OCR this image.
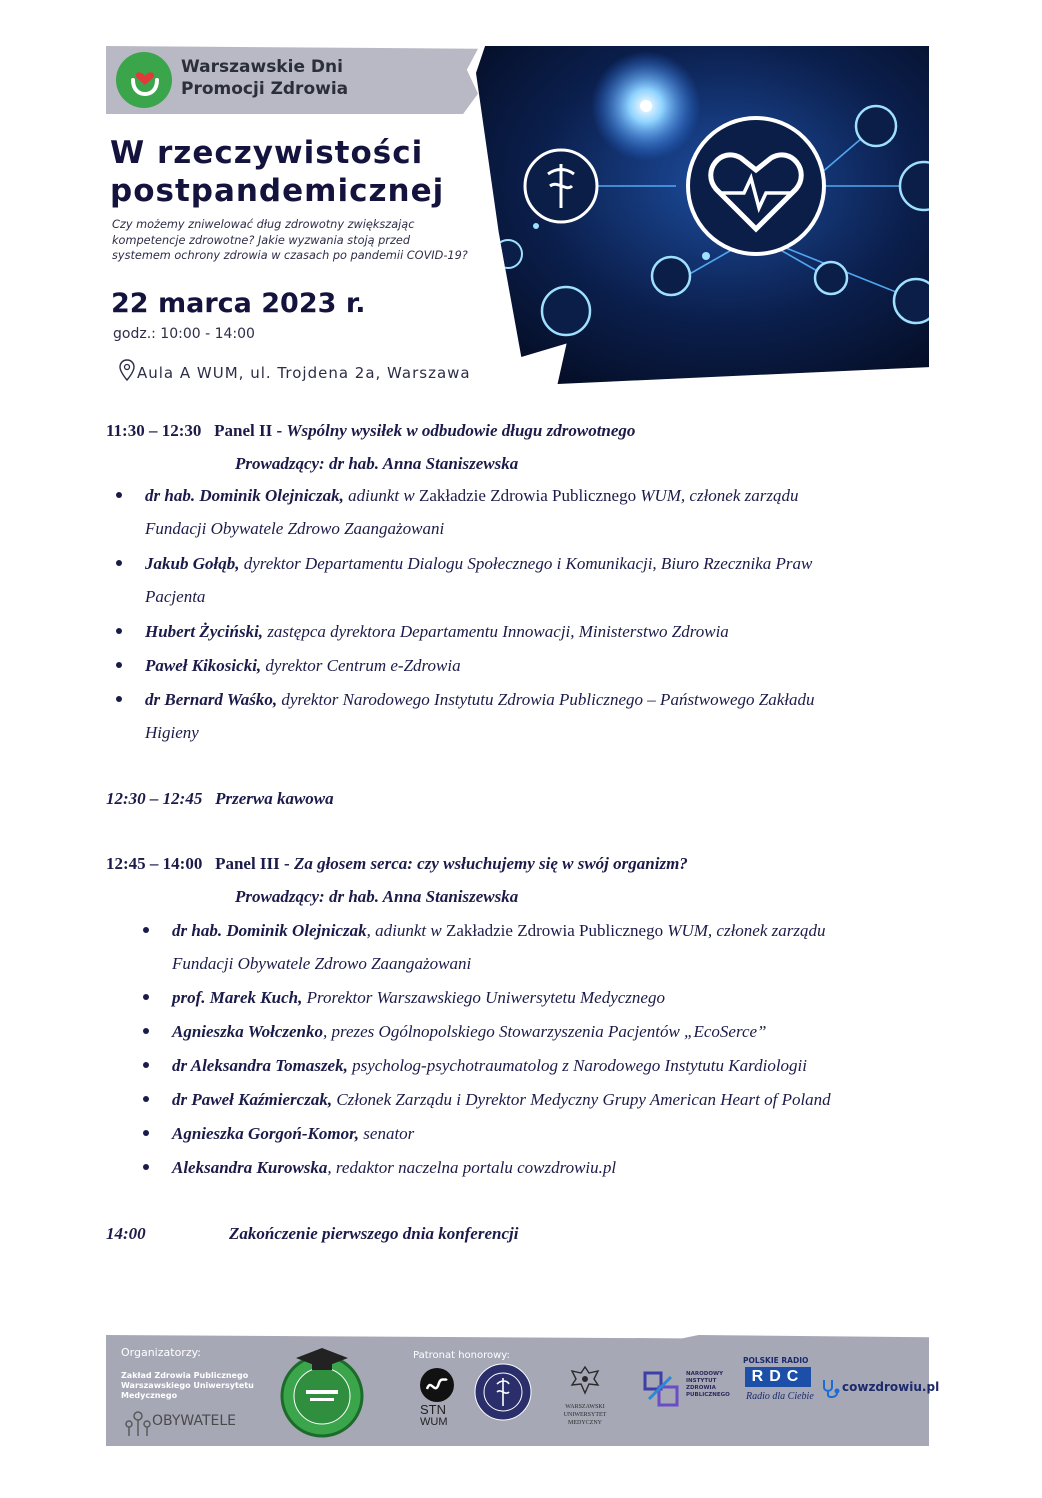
Warszawskie Dni
Promocji Zdrowia
W rzeczywistości
postpandemicznej
Czy możemy zniwelować dług zdrowotny zwiększając kompetencje zdrowotne? Jakie wyzwania stoją przed systemem ochrony zdrowia w czasach po pandemii COVID-19?
22 marca 2023 r.
godz.: 10:00 - 14:00
Aula A WUM, ul. Trojdena 2a, Warszawa
11:30 – 12:30 Panel II - Wspólny wysiłek w odbudowie długu zdrowotnego
Prowadzący: dr hab. Anna Staniszewska
dr hab. Dominik Olejniczak, adiunkt w Zakładzie Zdrowia Publicznego WUM, członek zarządu
Fundacji Obywatele Zdrowo Zaangażowani
Jakub Gołąb, dyrektor Departamentu Dialogu Społecznego i Komunikacji, Biuro Rzecznika Praw
Pacjenta
Hubert Życiński, zastępca dyrektora Departamentu Innowacji, Ministerstwo Zdrowia
Paweł Kikosicki, dyrektor Centrum e-Zdrowia
dr Bernard Waśko, dyrektor Narodowego Instytutu Zdrowia Publicznego – Państwowego Zakładu
Higieny
12:30 – 12:45 Przerwa kawowa
12:45 – 14:00 Panel III - Za głosem serca: czy wsłuchujemy się w swój organizm?
Prowadzący: dr hab. Anna Staniszewska
dr hab. Dominik Olejniczak, adiunkt w Zakładzie Zdrowia Publicznego WUM, członek zarządu
Fundacji Obywatele Zdrowo Zaangażowani
prof. Marek Kuch, Prorektor Warszawskiego Uniwersytetu Medycznego
Agnieszka Wołczenko, prezes Ogólnopolskiego Stowarzyszenia Pacjentów „EcoSerce”
dr Aleksandra Tomaszek, psycholog-psychotraumatolog z Narodowego Instytutu Kardiologii
dr Paweł Kaźmierczak, Członek Zarządu i Dyrektor Medyczny Grupy American Heart of Poland
Agnieszka Gorgoń-Komor, senator
Aleksandra Kurowska, redaktor naczelna portalu cowzdrowiu.pl
14:00	Zakończenie pierwszego dnia konferencji
Organizatorzy:
Zakład Zdrowia Publicznego
Warszawskiego Uniwersytetu
Medycznego
OBYWATELE
Patronat honorowy:
STN
WUM
WARSZAWSKI
UNIWERSYTET
MEDYCZNY
NARODOWY
INSTYTUT
ZDROWIA
PUBLICZNEGO
POLSKIE RADIO
RDC
Radio dla Ciebie
cowzdrowiu.pl
